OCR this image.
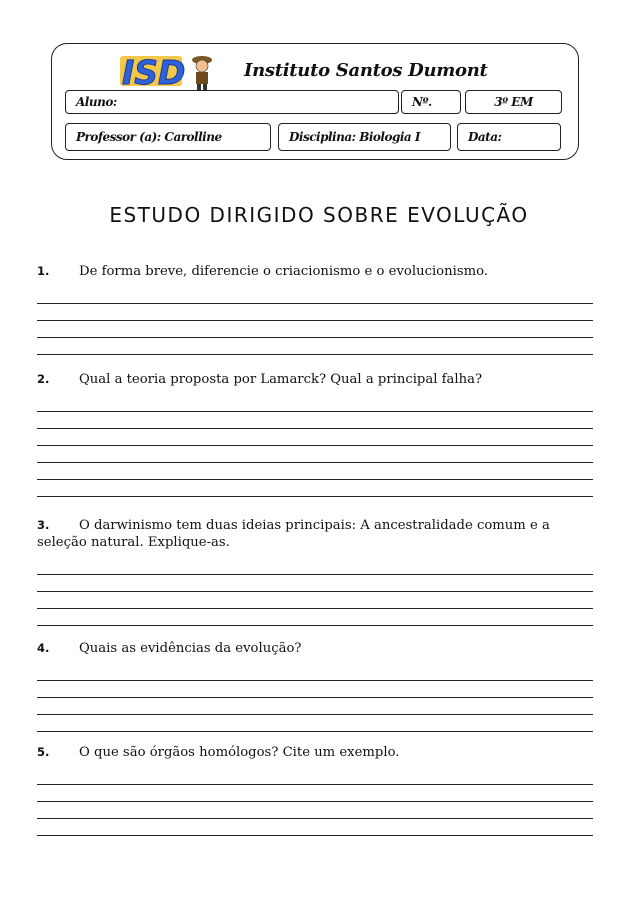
ISD	Instituto Santos Dumont
Aluno:	Nº.	3º EM
Professor (a): Carolline	Disciplina: Biologia I	Data:
ESTUDO DIRIGIDO SOBRE EVOLUÇÃO
1. De forma breve, diferencie o criacionismo e o evolucionismo.
2. Qual a teoria proposta por Lamarck? Qual a principal falha?
3. O darwinismo tem duas ideias principais: A ancestralidade comum e a seleção natural. Explique-as.
4. Quais as evidências da evolução?
5. O que são órgãos homólogos? Cite um exemplo.
